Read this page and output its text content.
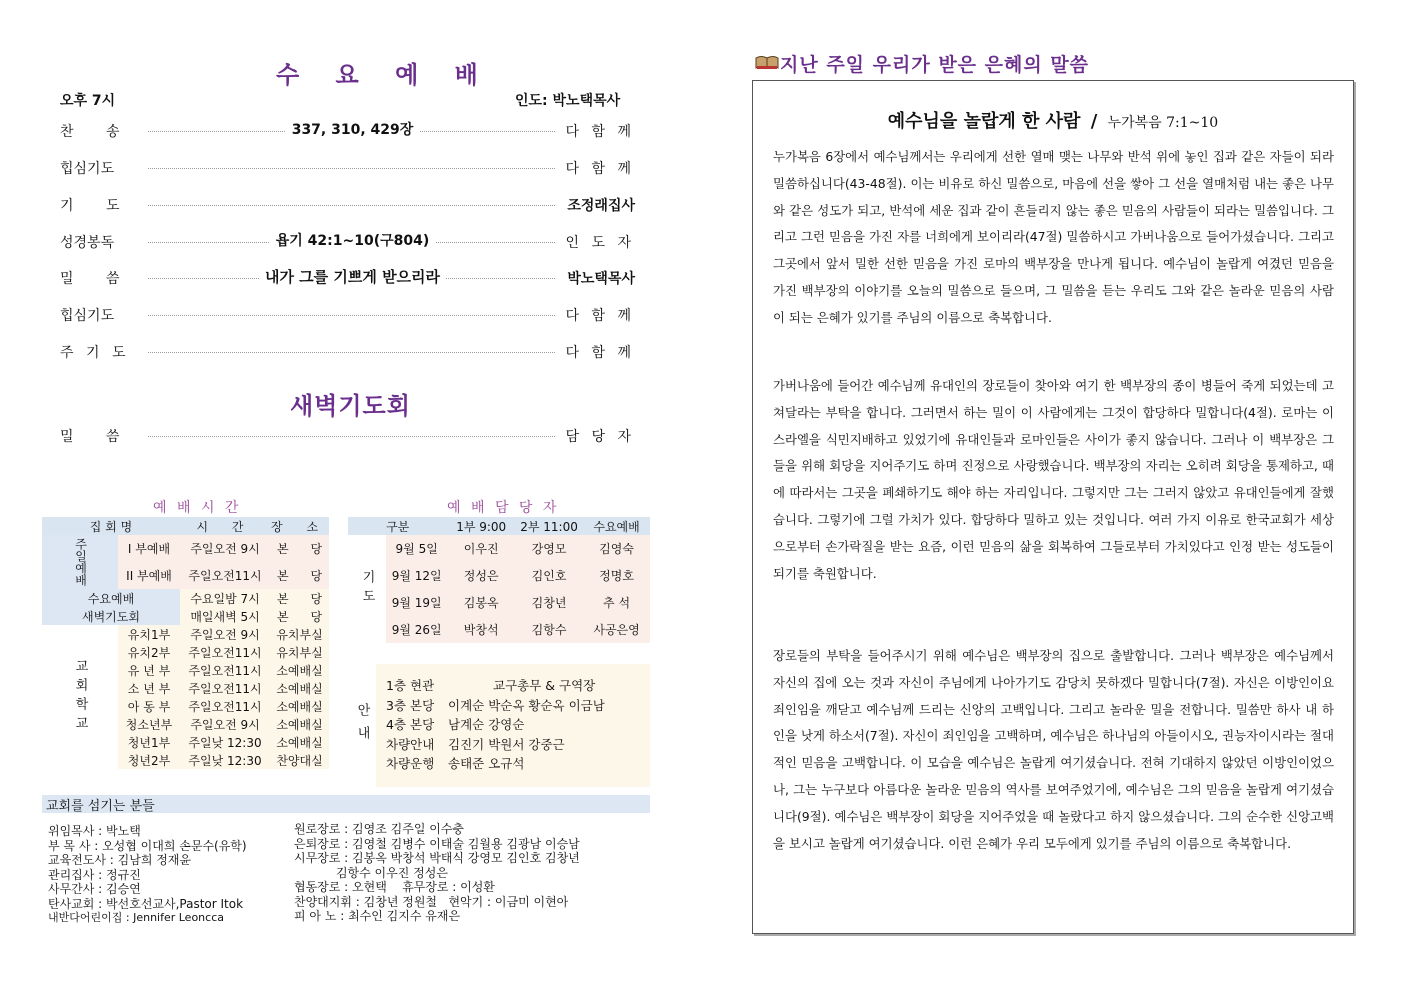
수 요 예 배
오후 7시	인도: 박노택목사
찬 송	337, 310, 429장	다 함 께
힙심기도	다 함 께
기 도	조정래집사
성경봉독	욥기 42:1~10(구804)	인 도 자
밀 씀	내가 그를 기쁘게 받으리라	박노택목사
힙심기도	다 함 께
주 기 도	다 함 께
새벽기도회
밀 씀	담 당 자
예 배 시 간	예 배 담 당 자
집 회 명		시 간	장 소
주일예배	I 부예배	주일오전 9시	본 당
	II 부예배	주일오전11시	본 당
수요예배		수요일밤 7시	본 당
새벽기도회		매일새벽 5시	본 당
교회학교	유치1부	주일오전 9시	유치부실
	유치2부	주일오전11시	유치부실
	유 년 부	주일오전11시	소예배실
	소 년 부	주일오전11시	소예배실
	아 동 부	주일오전11시	소예배실
	청소년부	주일오전 9시	소예배실
	청년1부	주일낮 12:30	소예배실
	청년2부	주일낮 12:30	찬양대실
구분		1부 9:00	2부 11:00	수요예배
기도	9월 5일	이우진	강영모	김영숙
	9월 12일	정성은	김인호	정명호
	9월 19일	김봉옥	김창년	추 석
	9월 26일	박창석	김항수	사공은영
안내
1층 현관	교구총무 & 구역장
3층 본당 이계순 박순옥 황순옥 이금남
4층 본당 남계순 강영순
차량안내 김진기 박원서 강중근
차량운행 송태준 오규석
교회를 섬기는 분들
위임목사 : 박노택
부 목 사 : 오성협 이대희 손문수(유학)
교육전도사 : 김남희 정재윤
관리집사 : 정규진
사무간사 : 김승연
탄사교회 : 박선호선교사,Pastor Itok
내반다어린이집 : Jennifer Leoncca
원로장로 : 김영조 김주일 이수충
은퇴장로 : 김영철 김병수 이태술 김월용 김광남 이승남
시무장로 : 김봉옥 박창석 박태식 강영모 김인호 김창년
김항수 이우진 정성은
협동장로 : 오현택    휴무장로 : 이성환
찬양대지휘 : 김창년 정원철   현악기 : 이금미 이현아
피 아 노 : 최수인 김지수 유재은
지난 주일 우리가 받은 은혜의 말씀
예수님을 놀랍게 한 사람 / 누가복음 7:1~10
누가복음 6장에서 예수님께서는 우리에게 선한 열매 맺는 나무와 반석 위에 놓인 집과 같은 자들이 되라 밀씀하십니다(43-48절). 이는 비유로 하신 밀씀으로, 마음에 선을 쌓아 그 선을 열매처럼 내는 좋은 나무와 같은 성도가 되고, 반석에 세운 집과 같이 흔들리지 않는 좋은 믿음의 사람들이 되라는 밀씀입니다. 그리고 그런 믿음을 가진 자를 너희에게 보이리라(47절) 밀씀하시고 가버나움으로 들어가셨습니다. 그리고 그곳에서 앞서 밀한 선한 믿음을 가진 로마의 백부장을 만나게 됩니다. 예수님이 놀랍게 여겼던 믿음을 가진 백부장의 이야기를 오늘의 밀씀으로 들으며, 그 밀씀을 듣는 우리도 그와 같은 놀라운 믿음의 사람이 되는 은혜가 있기를 주님의 이름으로 축복합니다.
가버나움에 들어간 예수님께 유대인의 장로들이 찾아와 여기 한 백부장의 종이 병들어 죽게 되었는데 고쳐달라는 부탁을 합니다. 그러면서 하는 밀이 이 사람에게는 그것이 합당하다 밀합니다(4절). 로마는 이스라엘을 식민지배하고 있었기에 유대인들과 로마인들은 사이가 좋지 않습니다. 그러나 이 백부장은 그들을 위해 회당을 지어주기도 하며 진정으로 사랑했습니다. 백부장의 자리는 오히려 회당을 통제하고, 때에 따라서는 그곳을 폐쇄하기도 해야 하는 자리입니다. 그렇지만 그는 그러지 않았고 유대인들에게 잘했습니다. 그렇기에 그럴 가치가 있다. 합당하다 밀하고 있는 것입니다. 여러 가지 이유로 한국교회가 세상으로부터 손가락질을 받는 요즘, 이런 믿음의 삶을 회복하여 그들로부터 가치있다고 인정 받는 성도들이 되기를 축원합니다.
장로들의 부탁을 들어주시기 위해 예수님은 백부장의 집으로 출발합니다. 그러나 백부장은 예수님께서 자신의 집에 오는 것과 자신이 주님에게 나아가기도 감당치 못하겠다 밀합니다(7절). 자신은 이방인이요 죄인임을 깨닫고 예수님께 드리는 신앙의 고백입니다. 그리고 놀라운 밀을 전합니다. 밀씀만 하사 내 하인을 낫게 하소서(7절). 자신이 죄인임을 고백하며, 예수님은 하나님의 아들이시오, 권능자이시라는 절대적인 믿음을 고백합니다. 이 모습을 예수님은 놀랍게 여기셨습니다. 전혀 기대하지 않았던 이방인이었으나, 그는 누구보다 아름다운 놀라운 믿음의 역사를 보여주었기에, 예수님은 그의 믿음을 놀랍게 여기셨습니다(9절). 예수님은 백부장이 회당을 지어주었을 때 놀랐다고 하지 않으셨습니다. 그의 순수한 신앙고백을 보시고 놀랍게 여기셨습니다. 이런 은혜가 우리 모두에게 있기를 주님의 이름으로 축복합니다.
